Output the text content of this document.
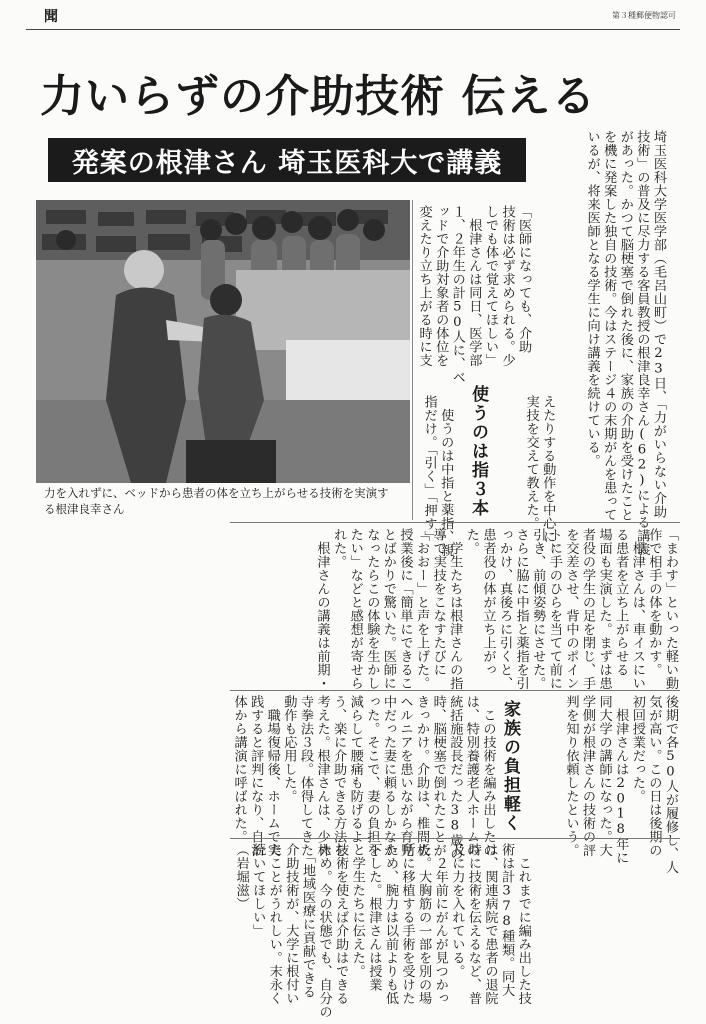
聞	第３種郵便物認可
力いらずの介助技術 伝える
発案の根津さん 埼玉医科大で講義	埼玉医科大学医学部（毛呂山町）で23日、「力がいらない介助
技術」の普及に尽力する客員教授の根津良幸さん(62)による講義
があった。かつて脳梗塞で倒れた後に、家族の介助を受けたこと
を機に発案した独自の技術。今はステージ４の末期がんを患って
いるが、将来医師となる学生に向け講義を続けている。
力を入れずに、ベッドから患者の体を立ち上がらせる技術を実演する根津良幸さん
「医師になっても、介助
技術は必ず求められる。少
しでも体で覚えてほしい」
　根津さんは同日、医学部
１、２年生の計50人に、ベ
ッドで介助対象者の体位を
変えたり立ち上がる時に支
えたりする動作を中心に、
実技を交えて教えた。
使うのは指３本
　使うのは中指と薬指、親
指だけ。「引く」「押す」
「まわす」といった軽い動
作で相手の体を動かす。
　根津さんは、車イスにい
る患者を立ち上がらせる
場面も実演した。まずは患
者役の学生の足を閉じ、手
を交差させ、背中のポイン
トに手のひらを当てて前に
引き、前傾姿勢にさせた。
さらに脇に中指と薬指を引
っかけ、真後ろに引くと、
患者役の体が立ち上がっ
た。
　学生たちは根津さんの指
導で実技をこなすたびに
「おおー」と声を上げた。
授業後に「簡単にできるこ
とばかりで驚いた。医師に
なったらこの体験を生かし
たい」などと感想が寄せら
れた。
　根津さんの講義は前期・
後期で各50人が履修し、人
気が高い。この日は後期の
初回授業だった。
　根津さんは2018年に
同大学の講師になった。大
学側が根津さんの技術の評
判を知り依頼したという。
家族の負担軽く
　この技術を編み出したの
は、特別養護老人ホームの
統括施設長だった38歳の
時、脳梗塞で倒れたことが
きっかけ。介助は、椎間板
ヘルニアを患いながら育児
中だった妻に頼るしかなか
った。そこで、妻の負担を
減らして腰痛も防げるよ
う、楽に介助できる方法を
考えた。根津さんは、少林
寺拳法３段。体得してきた
動作も応用した。
　職場復帰後、ホームで実
践すると評判になり、自治
体から講演に呼ばれた。
　これまでに編み出した技
術は計378種類。同大
は、関連病院で患者の退院
時に技術を伝えるなど、普
及に力を入れている。
　２年前にがんが見つかっ
た。大胸筋の一部を別の場
所に移植する手術を受けた
ため、腕力は以前よりも低
下した。根津さんは授業
と学生たちに伝えた。
技術を使えば介助はできる
ため。今の状態でも、自分の
　「地域医療に貢献できる
介助技術が、大学に根付い
たことがうれしい。末永く
続いてほしい」
（岩堀滋）
